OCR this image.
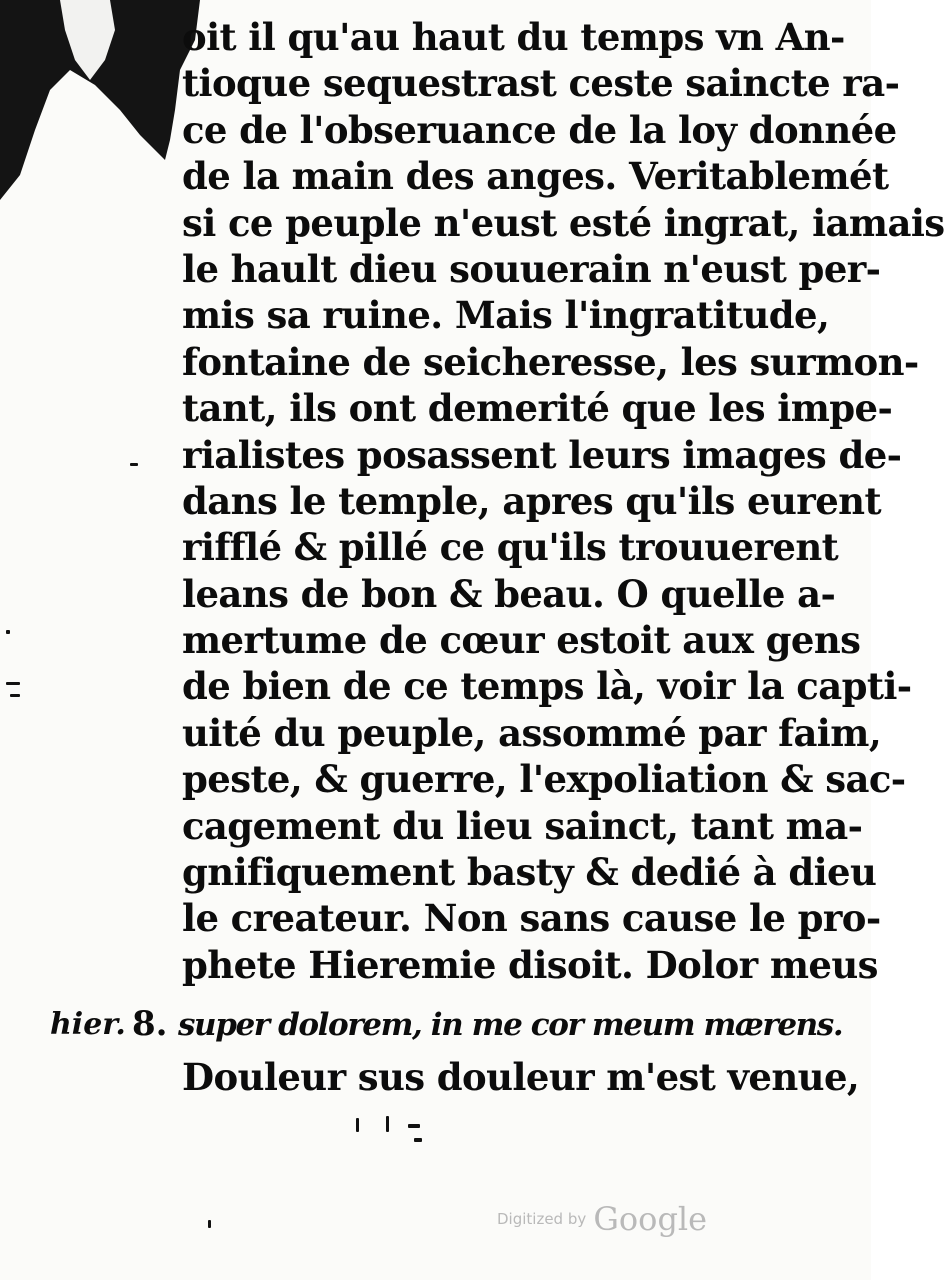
oit il qu'au haut du temps vn An-
tioque sequestrast ceste saincte ra-
ce de l'obseruance de la loy donnée
de la main des anges. Veritablemét
si ce peuple n'eust esté ingrat, iamais
le hault dieu souuerain n'eust per-
mis sa ruine. Mais l'ingratitude,
fontaine de seicheresse, les surmon-
tant, ils ont demerité que les impe-
rialistes posassent leurs images de-
dans le temple, apres qu'ils eurent
rifflé & pillé ce qu'ils trouuerent
leans de bon & beau. O quelle a-
mertume de cœur estoit aux gens
de bien de ce temps là, voir la capti-
uité du peuple, assommé par faim,
peste, & guerre, l'expoliation & sac-
cagement du lieu sainct, tant ma-
gnifiquement basty & dedié à dieu
le createur. Non sans cause le pro-
phete Hieremie disoit. Dolor meus
hier. 8. super dolorem, in me cor meum mærens.
Douleur sus douleur m'est venue,
Digitized by Google
